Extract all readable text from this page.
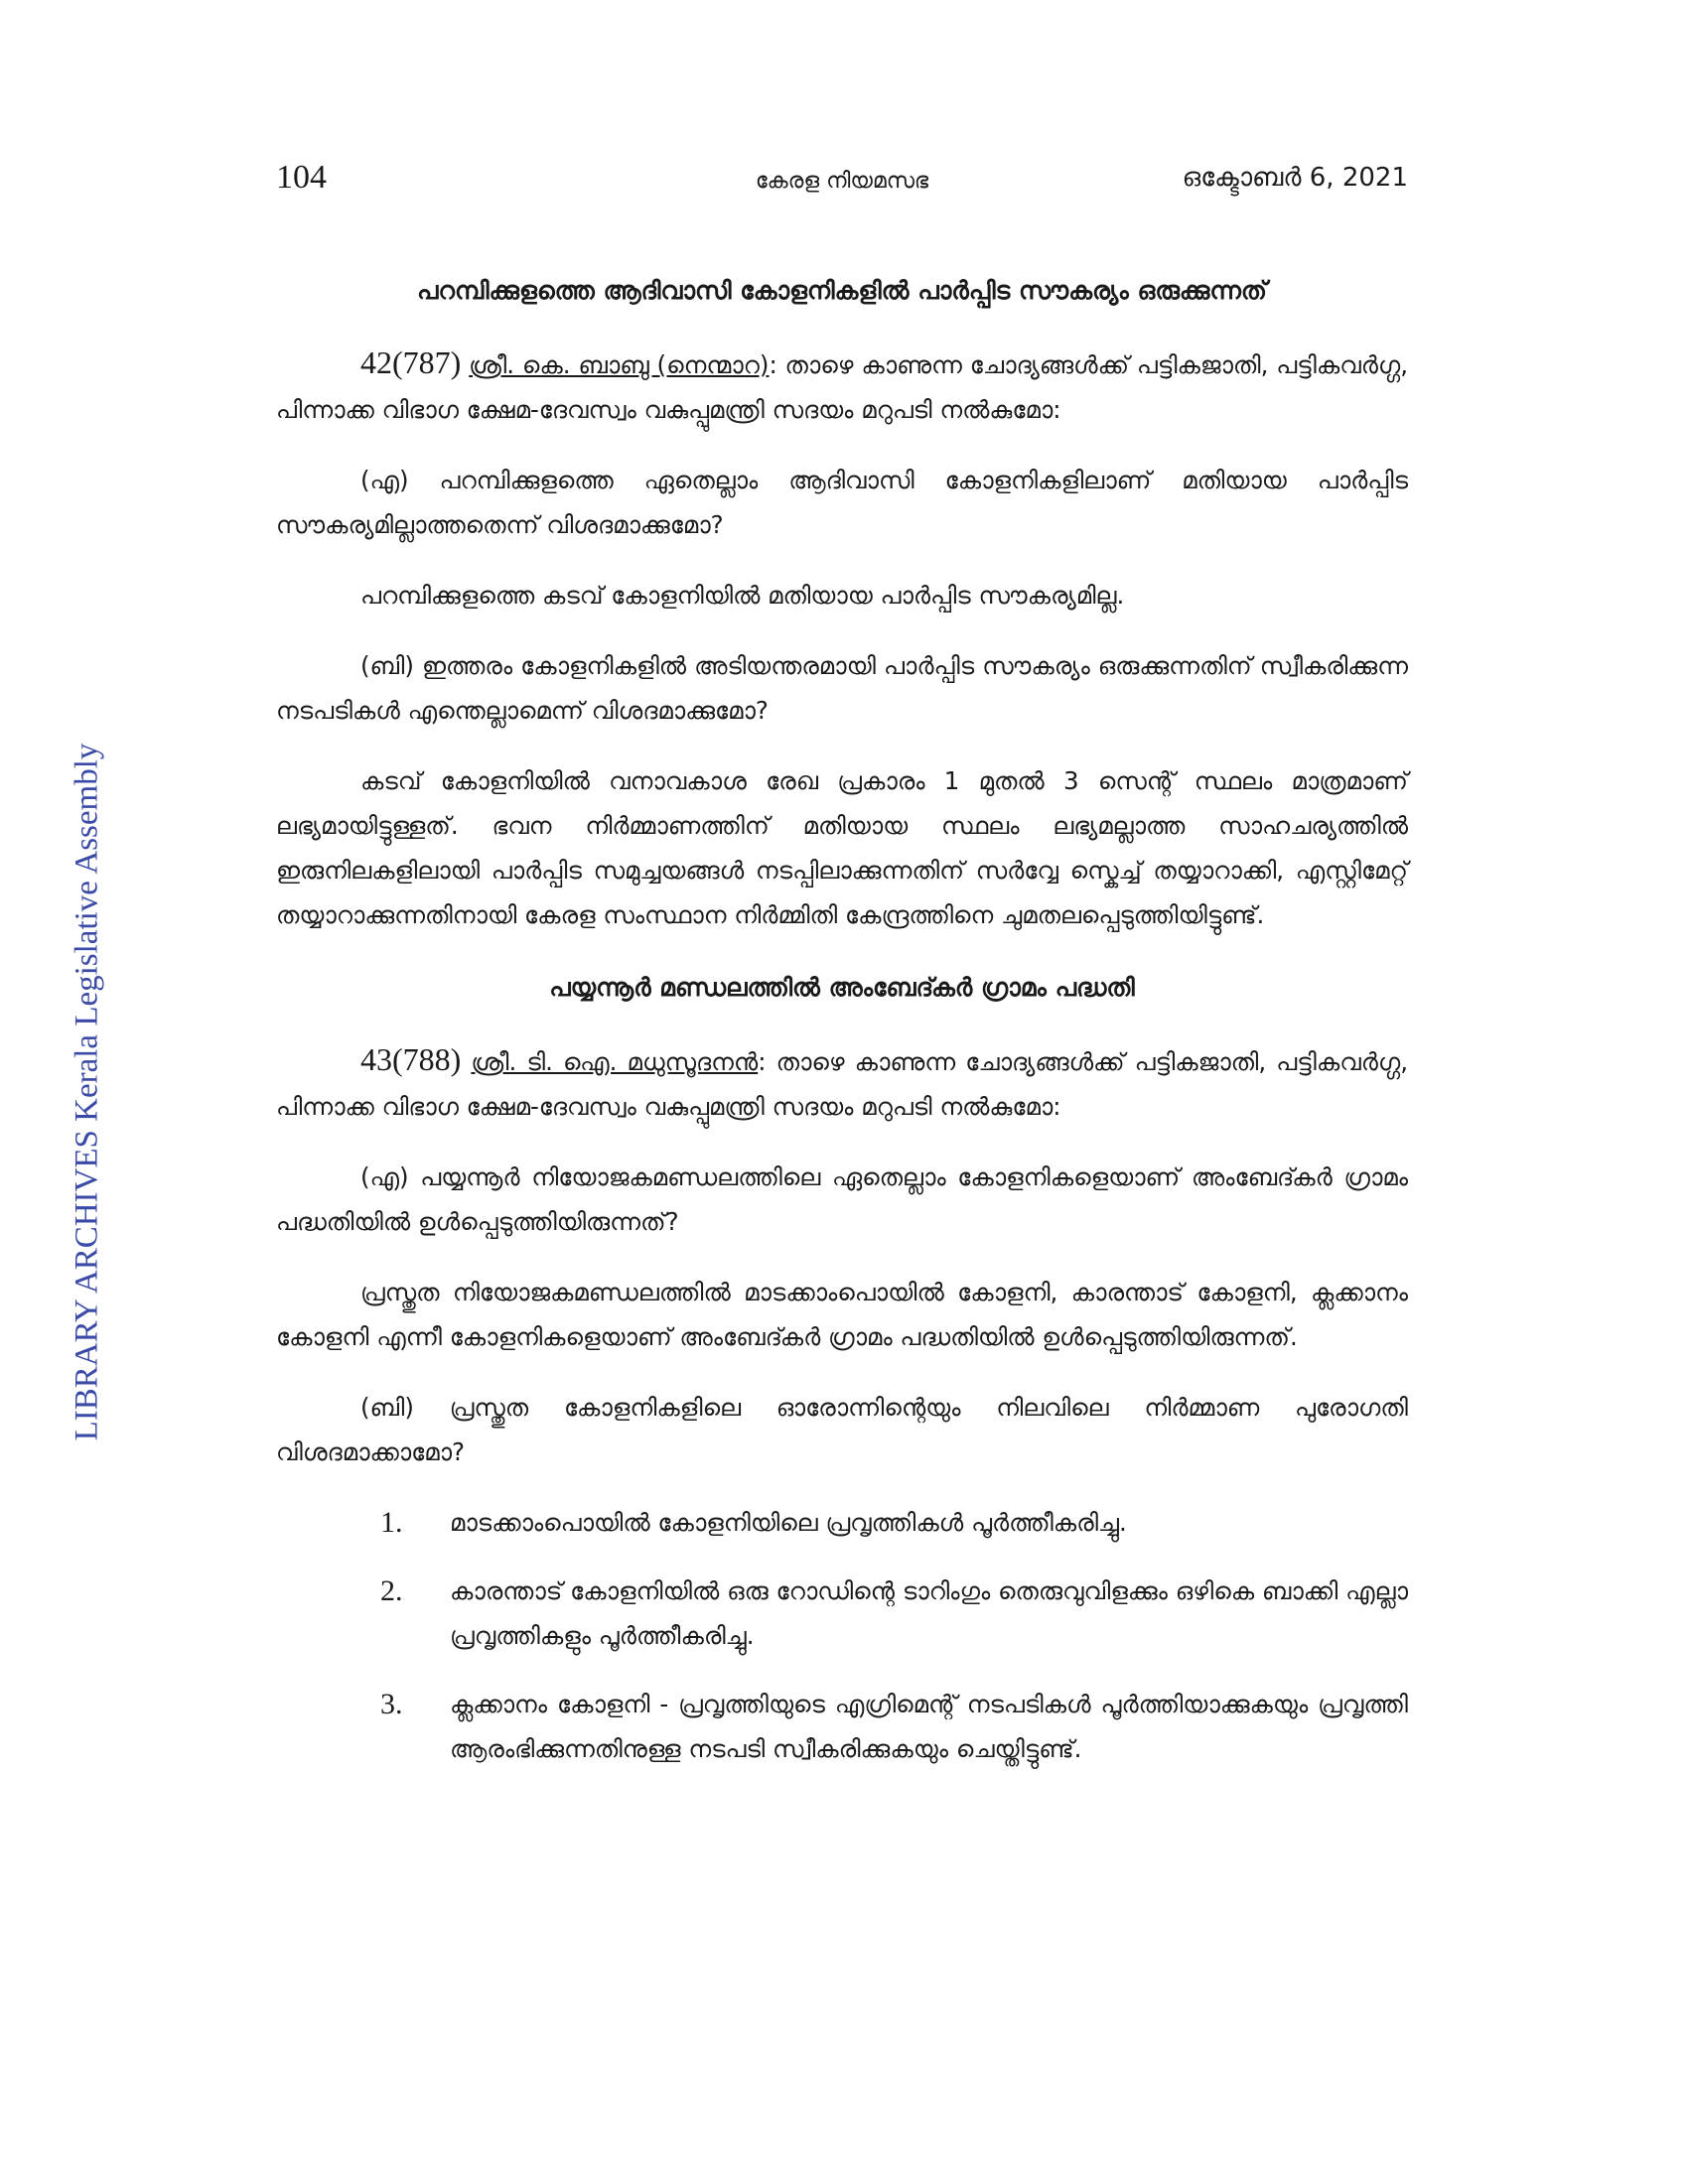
104	കേരള നിയമസഭ	ഒക്ടോബർ 6, 2021
LIBRARY ARCHIVES Kerala Legislative Assembly
പറമ്പിക്കുളത്തെ ആദിവാസി കോളനികളിൽ പാർപ്പിട സൗകര്യം ഒരുക്കുന്നത്

42(787) ശ്രീ. കെ. ബാബു (നെന്മാറ): താഴെ കാണുന്ന ചോദ്യങ്ങൾക്ക് പട്ടികജാതി, പട്ടികവർഗ്ഗ, പിന്നാക്ക വിഭാഗ ക്ഷേമ-ദേവസ്വം വകുപ്പുമന്ത്രി സദയം മറുപടി നൽകുമോ:

(എ) പറമ്പിക്കുളത്തെ ഏതെല്ലാം ആദിവാസി കോളനികളിലാണ് മതിയായ പാർപ്പിട സൗകര്യമില്ലാത്തതെന്ന് വിശദമാക്കുമോ?

പറമ്പിക്കുളത്തെ കടവ് കോളനിയിൽ മതിയായ പാർപ്പിട സൗകര്യമില്ല.

(ബി) ഇത്തരം കോളനികളിൽ അടിയന്തരമായി പാർപ്പിട സൗകര്യം ഒരുക്കുന്നതിന് സ്വീകരിക്കുന്ന നടപടികൾ എന്തെല്ലാമെന്ന് വിശദമാക്കുമോ?

കടവ് കോളനിയിൽ വനാവകാശ രേഖ പ്രകാരം 1 മുതൽ 3 സെന്റ് സ്ഥലം മാത്രമാണ് ലഭ്യമായിട്ടുള്ളത്. ഭവന നിർമ്മാണത്തിന് മതിയായ സ്ഥലം ലഭ്യമല്ലാത്ത സാഹചര്യത്തിൽ ഇരുനിലകളിലായി പാർപ്പിട സമുച്ചയങ്ങൾ നടപ്പിലാക്കുന്നതിന് സർവ്വേ സ്കെച്ച് തയ്യാറാക്കി, എസ്റ്റിമേറ്റ് തയ്യാറാക്കുന്നതിനായി കേരള സംസ്ഥാന നിർമ്മിതി കേന്ദ്രത്തിനെ ചുമതലപ്പെടുത്തിയിട്ടുണ്ട്.

പയ്യന്നൂർ മണ്ഡലത്തിൽ അംബേദ്കർ ഗ്രാമം പദ്ധതി

43(788) ശ്രീ. ടി. ഐ. മധുസൂദനൻ: താഴെ കാണുന്ന ചോദ്യങ്ങൾക്ക് പട്ടികജാതി, പട്ടികവർഗ്ഗ, പിന്നാക്ക വിഭാഗ ക്ഷേമ-ദേവസ്വം വകുപ്പുമന്ത്രി സദയം മറുപടി നൽകുമോ:

(എ) പയ്യന്നൂർ നിയോജകമണ്ഡലത്തിലെ ഏതെല്ലാം കോളനികളെയാണ് അംബേദ്കർ ഗ്രാമം പദ്ധതിയിൽ ഉൾപ്പെടുത്തിയിരുന്നത്?

പ്രസ്തുത നിയോജകമണ്ഡലത്തിൽ മാടക്കാംപൊയിൽ കോളനി, കാരന്താട് കോളനി, ക്ലക്കാനം കോളനി എന്നീ കോളനികളെയാണ് അംബേദ്കർ ഗ്രാമം പദ്ധതിയിൽ ഉൾപ്പെടുത്തിയിരുന്നത്.

(ബി) പ്രസ്തുത കോളനികളിലെ ഓരോന്നിന്റെയും നിലവിലെ നിർമ്മാണ പുരോഗതി വിശദമാക്കാമോ?

1.	മാടക്കാംപൊയിൽ കോളനിയിലെ പ്രവൃത്തികൾ പൂർത്തീകരിച്ചു.
2.	കാരന്താട് കോളനിയിൽ ഒരു റോഡിന്റെ ടാറിംഗും തെരുവുവിളക്കും ഒഴികെ ബാക്കി എല്ലാ പ്രവൃത്തികളും പൂർത്തീകരിച്ചു.
3.	ക്ലക്കാനം കോളനി - പ്രവൃത്തിയുടെ എഗ്രിമെന്റ് നടപടികൾ പൂർത്തിയാക്കുകയും പ്രവൃത്തി ആരംഭിക്കുന്നതിനുള്ള നടപടി സ്വീകരിക്കുകയും ചെയ്തിട്ടുണ്ട്.
